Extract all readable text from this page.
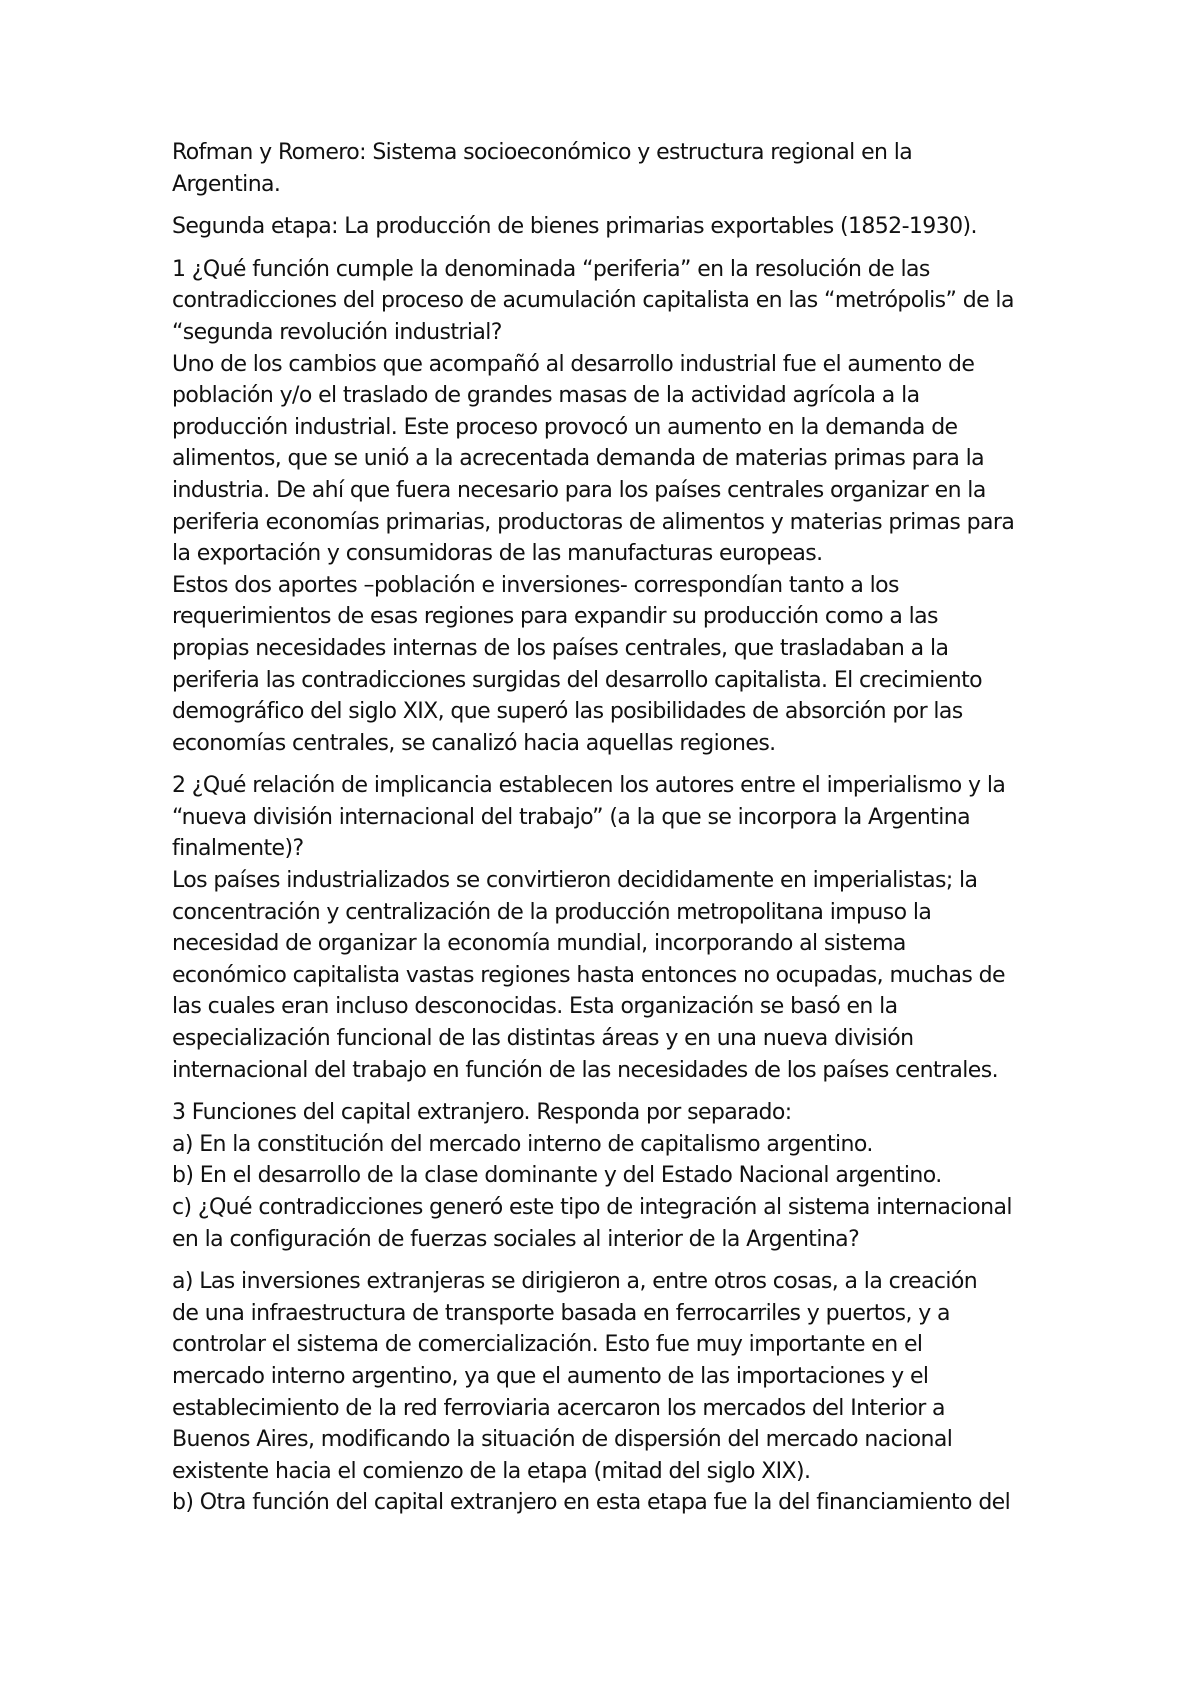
Rofman y Romero: Sistema socioeconómico y estructura regional en la
Argentina.
Segunda etapa: La producción de bienes primarias exportables (1852-1930).
1 ¿Qué función cumple la denominada “periferia” en la resolución de las
contradicciones del proceso de acumulación capitalista en las “metrópolis” de la
“segunda revolución industrial?
Uno de los cambios que acompañó al desarrollo industrial fue el aumento de
población y/o el traslado de grandes masas de la actividad agrícola a la
producción industrial. Este proceso provocó un aumento en la demanda de
alimentos, que se unió a la acrecentada demanda de materias primas para la
industria. De ahí que fuera necesario para los países centrales organizar en la
periferia economías primarias, productoras de alimentos y materias primas para
la exportación y consumidoras de las manufacturas europeas.
Estos dos aportes –población e inversiones- correspondían tanto a los
requerimientos de esas regiones para expandir su producción como a las
propias necesidades internas de los países centrales, que trasladaban a la
periferia las contradicciones surgidas del desarrollo capitalista. El crecimiento
demográfico del siglo XIX, que superó las posibilidades de absorción por las
economías centrales, se canalizó hacia aquellas regiones.
2 ¿Qué relación de implicancia establecen los autores entre el imperialismo y la
“nueva división internacional del trabajo” (a la que se incorpora la Argentina
finalmente)?
Los países industrializados se convirtieron decididamente en imperialistas; la
concentración y centralización de la producción metropolitana impuso la
necesidad de organizar la economía mundial, incorporando al sistema
económico capitalista vastas regiones hasta entonces no ocupadas, muchas de
las cuales eran incluso desconocidas. Esta organización se basó en la
especialización funcional de las distintas áreas y en una nueva división
internacional del trabajo en función de las necesidades de los países centrales.
3 Funciones del capital extranjero. Responda por separado:
a) En la constitución del mercado interno de capitalismo argentino.
b) En el desarrollo de la clase dominante y del Estado Nacional argentino.
c) ¿Qué contradicciones generó este tipo de integración al sistema internacional
en la configuración de fuerzas sociales al interior de la Argentina?
a) Las inversiones extranjeras se dirigieron a, entre otros cosas, a la creación
de una infraestructura de transporte basada en ferrocarriles y puertos, y a
controlar el sistema de comercialización. Esto fue muy importante en el
mercado interno argentino, ya que el aumento de las importaciones y el
establecimiento de la red ferroviaria acercaron los mercados del Interior a
Buenos Aires, modificando la situación de dispersión del mercado nacional
existente hacia el comienzo de la etapa (mitad del siglo XIX).
b) Otra función del capital extranjero en esta etapa fue la del financiamiento del
